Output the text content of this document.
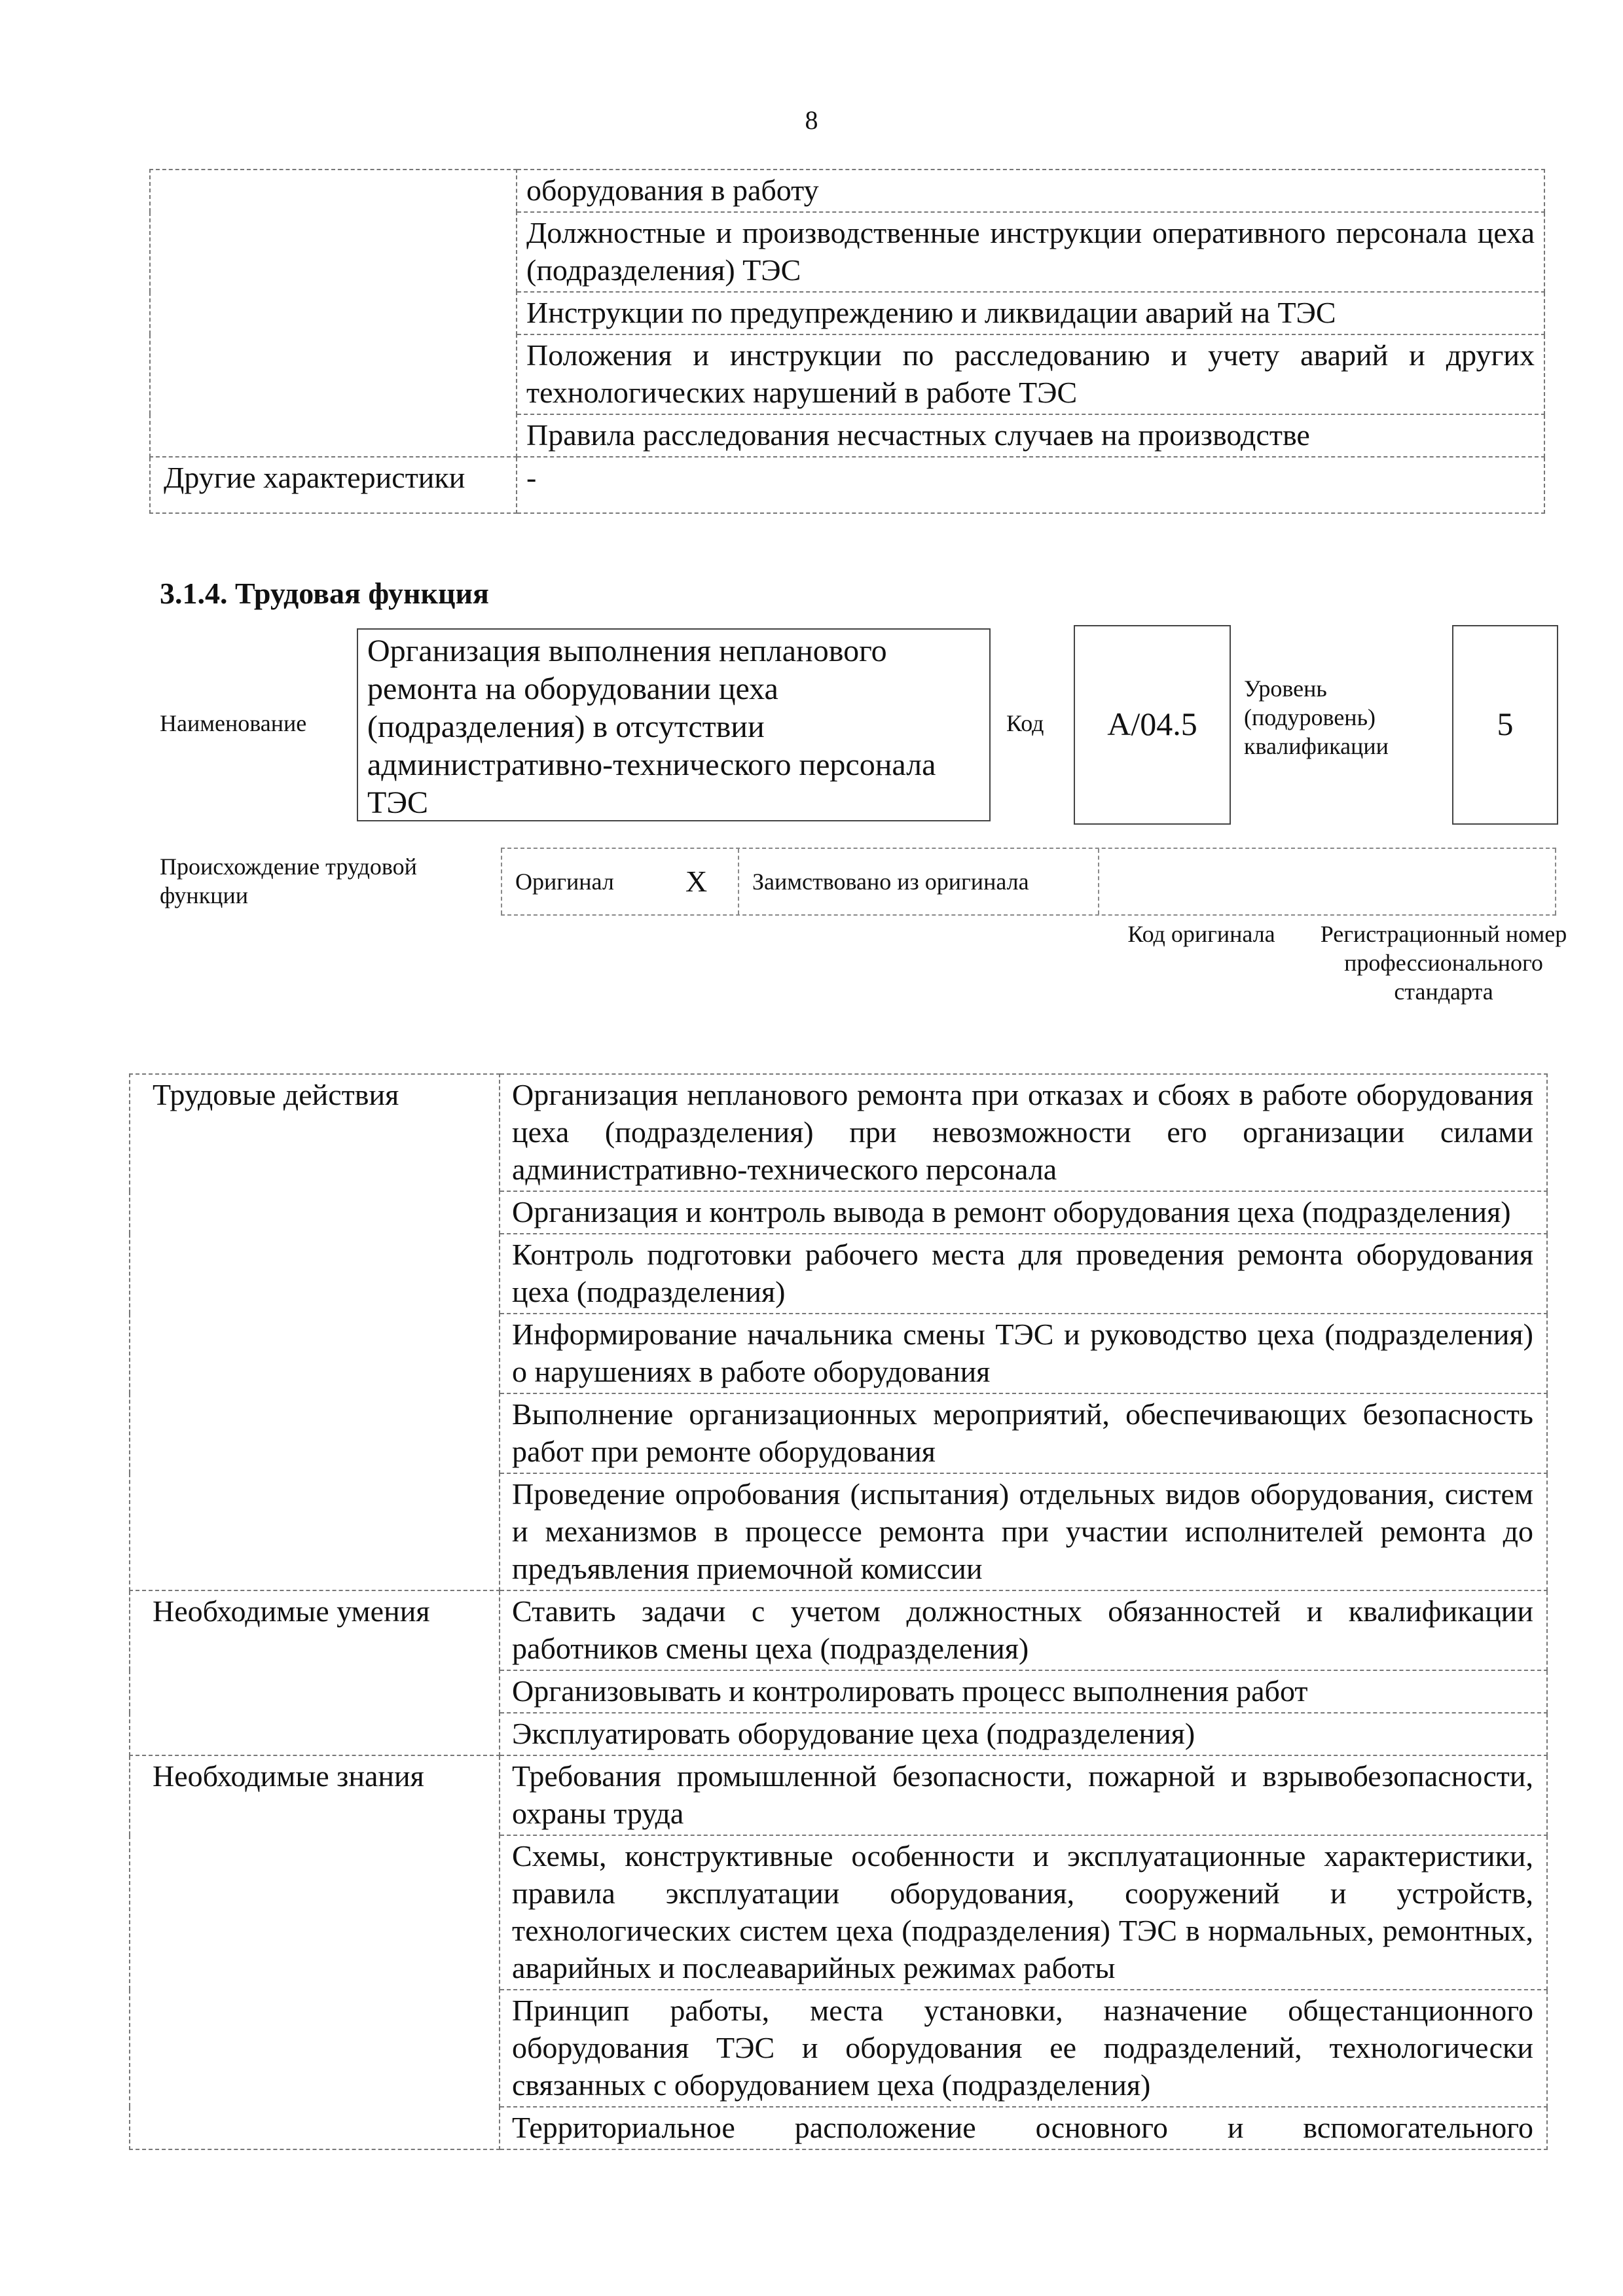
8
	оборудования в работу
	Должностные и производственные инструкции оперативного персонала цеха (подразделения) ТЭС
	Инструкции по предупреждению и ликвидации аварий на ТЭС
	Положения и инструкции по расследованию и учету аварий и других технологических нарушений в работе ТЭС
	Правила расследования несчастных случаев на производстве
Другие характеристики	-
3.1.4. Трудовая функция
Наименование
Организация выполнения непланового ремонта на оборудовании цеха (подразделения) в отсутствии административно-технического персонала ТЭС
Код	A/04.5
Уровень (подуровень) квалификации
5
Происхождение трудовой функции
Оригинал X Заимствовано из оригинала
Код оригинала Регистрационный номер профессионального стандарта
Трудовые действия	Организация непланового ремонта при отказах и сбоях в работе оборудования цеха (подразделения) при невозможности его организации силами административно-технического персонала
	Организация и контроль вывода в ремонт оборудования цеха (подразделения)
	Контроль подготовки рабочего места для проведения ремонта оборудования цеха (подразделения)
	Информирование начальника смены ТЭС и руководство цеха (подразделения) о нарушениях в работе оборудования
	Выполнение организационных мероприятий, обеспечивающих безопасность работ при ремонте оборудования
	Проведение опробования (испытания) отдельных видов оборудования, систем и механизмов в процессе ремонта при участии исполнителей ремонта до предъявления приемочной комиссии
Необходимые умения	Ставить задачи с учетом должностных обязанностей и квалификации работников смены цеха (подразделения)
	Организовывать и контролировать процесс выполнения работ
	Эксплуатировать оборудование цеха (подразделения)
Необходимые знания	Требования промышленной безопасности, пожарной и взрывобезопасности, охраны труда
	Схемы, конструктивные особенности и эксплуатационные характеристики, правила эксплуатации оборудования, сооружений и устройств, технологических систем цеха (подразделения) ТЭС в нормальных, ремонтных, аварийных и послеаварийных режимах работы
	Принцип работы, места установки, назначение общестанционного оборудования ТЭС и оборудования ее подразделений, технологически связанных с оборудованием цеха (подразделения)
	Территориальное расположение основного и вспомогательного
